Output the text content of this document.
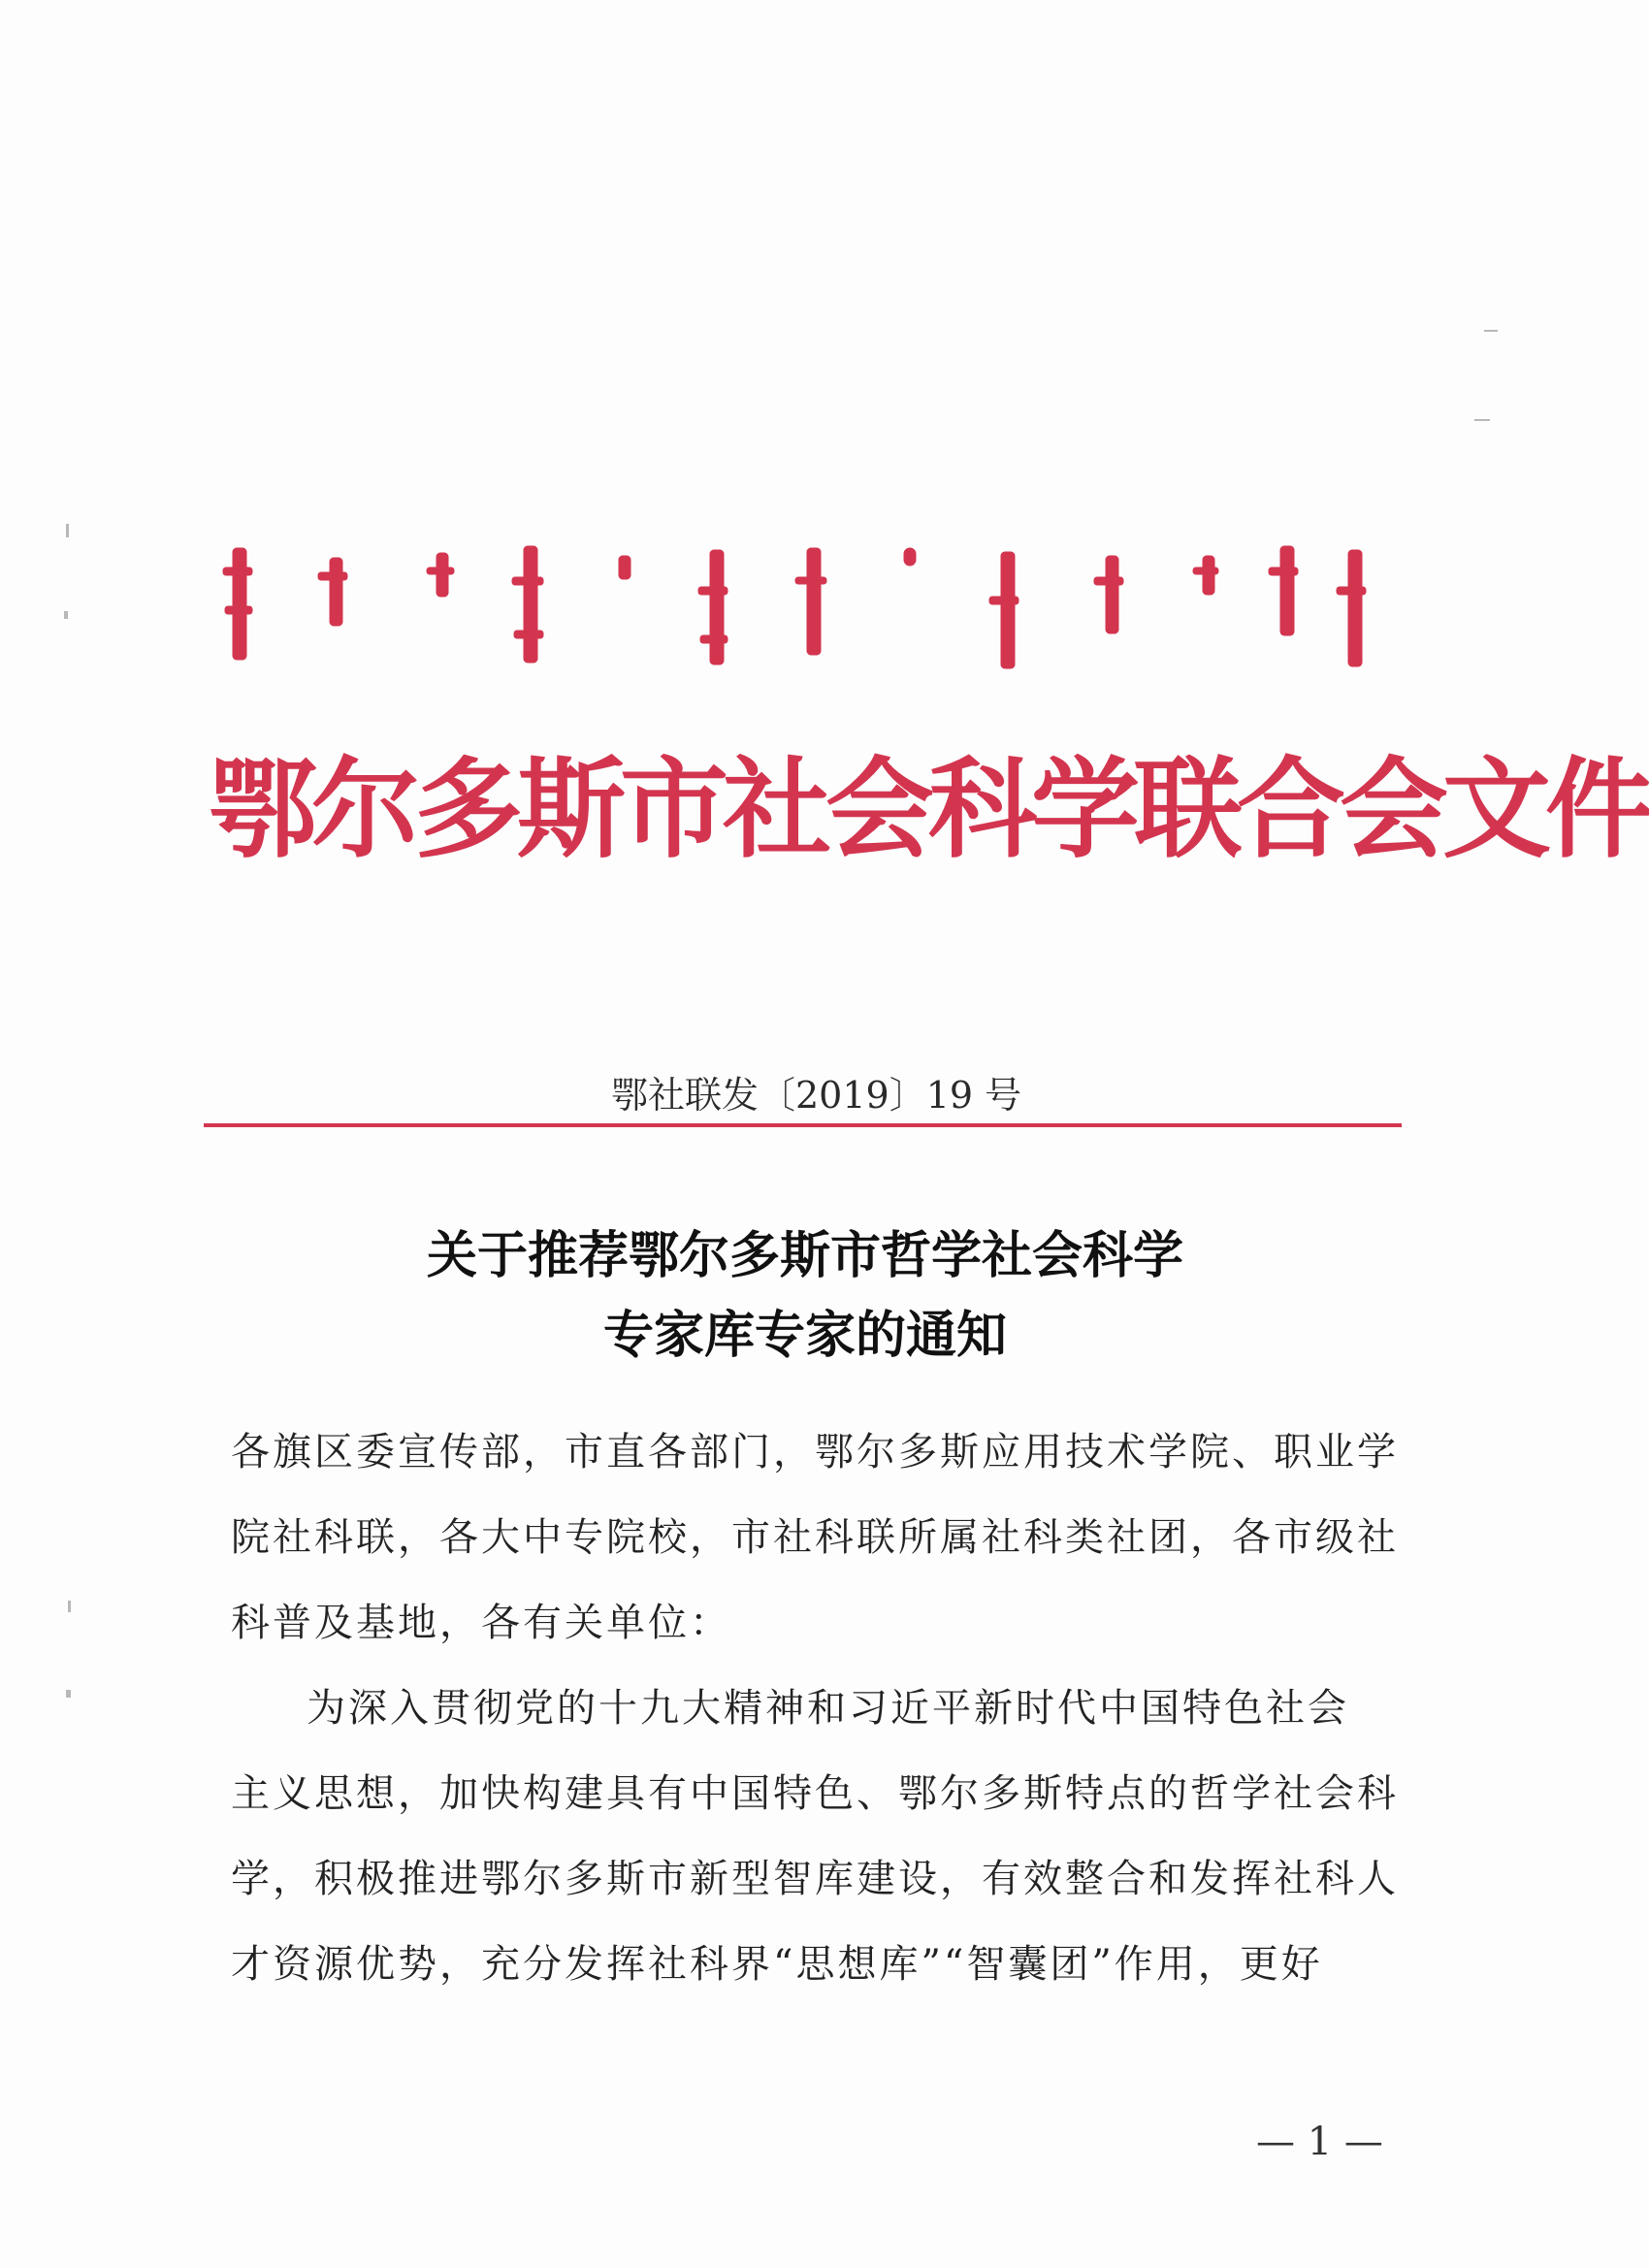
鄂尔多斯市社会科学联合会文件
鄂社联发〔2019〕19 号
关于推荐鄂尔多斯市哲学社会科学
专家库专家的通知
各旗区委宣传部，市直各部门，鄂尔多斯应用技术学院、职业学
院社科联，各大中专院校，市社科联所属社科类社团，各市级社
科普及基地，各有关单位：
为深入贯彻党的十九大精神和习近平新时代中国特色社会
主义思想，加快构建具有中国特色、鄂尔多斯特点的哲学社会科
学，积极推进鄂尔多斯市新型智库建设，有效整合和发挥社科人
才资源优势，充分发挥社科界“思想库”“智囊团”作用，更好
— 1 —
